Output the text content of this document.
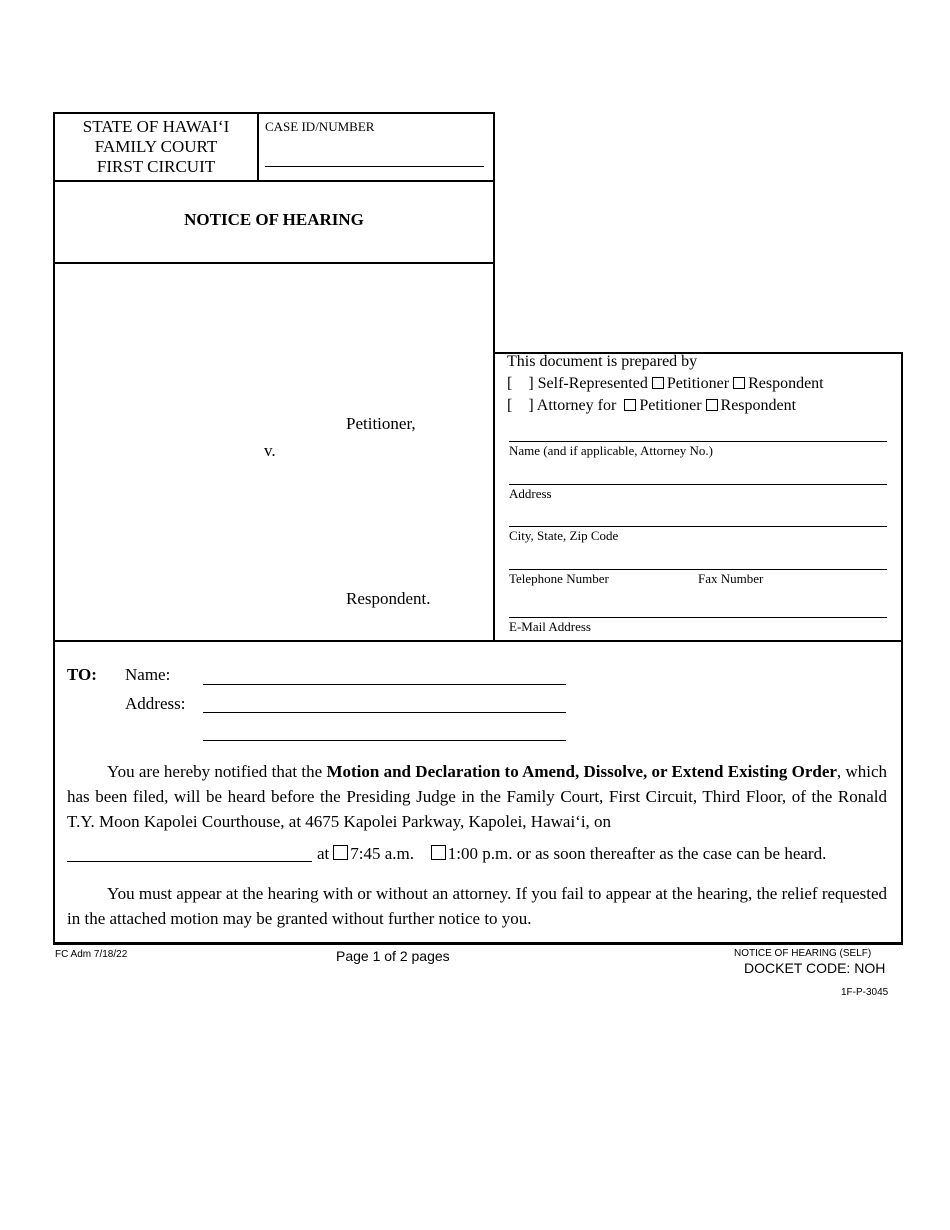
STATE OF HAWAI‘I
FAMILY COURT
FIRST CIRCUIT
CASE ID/NUMBER
NOTICE OF HEARING
Petitioner,
v.
Respondent.
This document is prepared by
[    ] Self-Represented Petitioner Respondent
[    ] Attorney for Petitioner Respondent
Name (and if applicable, Attorney No.)
Address
City, State, Zip Code
Telephone Number	Fax Number
E-Mail Address
TO: Name:
Address:
You are hereby notified that the Motion and Declaration to Amend, Dissolve, or Extend Existing Order, which has been filed, will be heard before the Presiding Judge in the Family Court, First Circuit, Third Floor, of the Ronald T.Y. Moon Kapolei Courthouse, at 4675 Kapolei Parkway, Kapolei, Hawai‘i, on
at 7:45 a.m. 1:00 p.m. or as soon thereafter as the case can be heard.
You must appear at the hearing with or without an attorney. If you fail to appear at the hearing, the relief requested in the attached motion may be granted without further notice to you.
FC Adm 7/18/22	Page 1 of 2 pages	NOTICE OF HEARING (SELF)
DOCKET CODE: NOH
1F-P-3045
